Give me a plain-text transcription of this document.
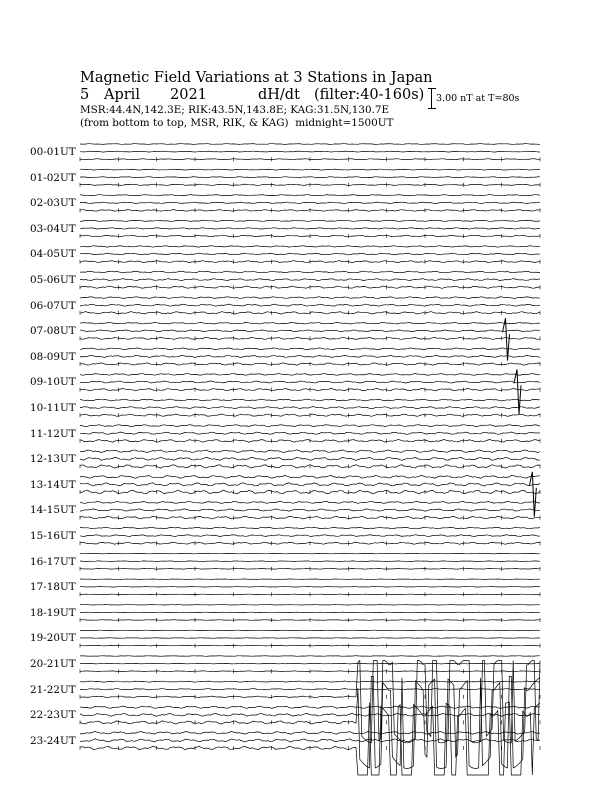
Magnetic Field Variations at 3 Stations in Japan
5 April 2021	dH/dt (filter:40-160s)
MSR:44.4N,142.3E; RIK:43.5N,143.8E; KAG:31.5N,130.7E
(from bottom to top, MSR, RIK, & KAG) midnight=1500UT
3.00 nT at T=80s
00-01UT
01-02UT
02-03UT
03-04UT
04-05UT
05-06UT
06-07UT
07-08UT
08-09UT
09-10UT
10-11UT
11-12UT
12-13UT
13-14UT
14-15UT
15-16UT
16-17UT
17-18UT
18-19UT
19-20UT
20-21UT
21-22UT
22-23UT
23-24UT
